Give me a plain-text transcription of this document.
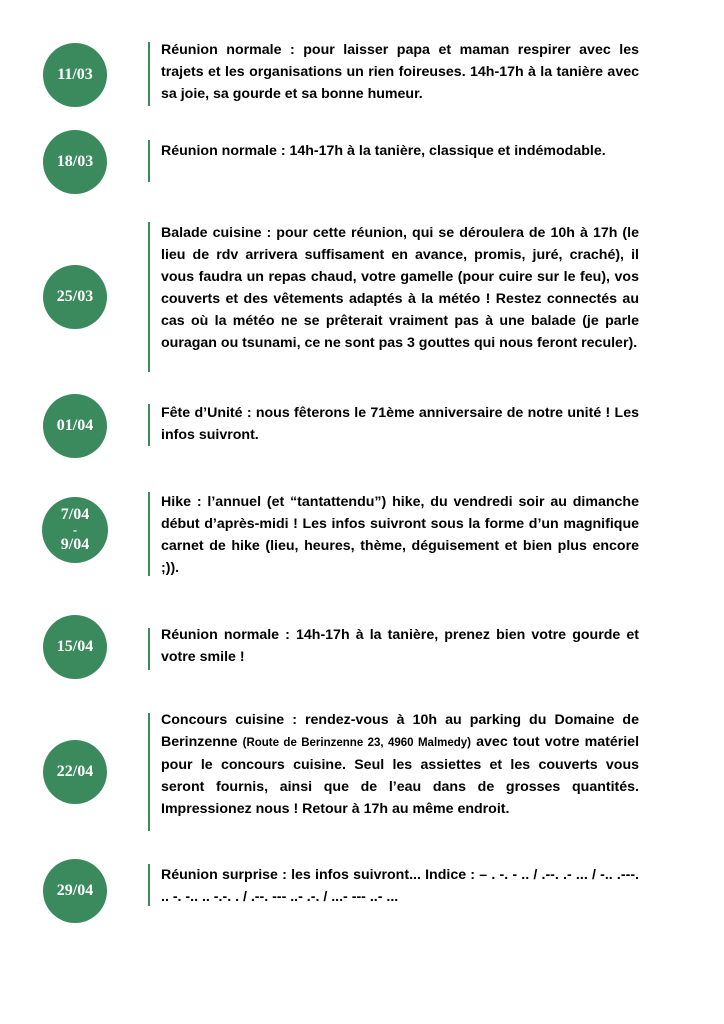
11/03

Réunion normale : pour laisser papa et maman respirer avec les trajets et les organisations un rien foireuses. 14h-17h à la tanière avec sa joie, sa gourde et sa bonne humeur.

18/03

Réunion normale : 14h-17h à la tanière, classique et indémodable.

25/03

Balade cuisine : pour cette réunion, qui se déroulera de 10h à 17h (le lieu de rdv arrivera suffisament en avance, promis, juré, craché), il vous faudra un repas chaud, votre gamelle (pour cuire sur le feu), vos couverts et des vêtements adaptés à la météo ! Restez connectés au cas où la météo ne se prêterait vraiment pas à une balade (je parle ouragan ou tsunami, ce ne sont pas 3 gouttes qui nous feront reculer).

01/04

Fête d’Unité : nous fêterons le 71ème anniversaire de notre unité ! Les infos suivront.

7/04
-
9/04

Hike : l’annuel (et “tantattendu”) hike, du vendredi soir au dimanche début d’après-midi ! Les infos suivront sous la forme d’un magnifique carnet de hike (lieu, heures, thème, déguisement et bien plus encore ;)).

15/04

Réunion normale : 14h-17h à la tanière, prenez bien votre gourde et votre smile !

22/04

Concours cuisine : rendez-vous à 10h au parking du Domaine de Berinzenne (Route de Berinzenne 23, 4960 Malmedy) avec tout votre matériel pour le concours cuisine. Seul les assiettes et les couverts vous seront fournis, ainsi que de l’eau dans de grosses quantités. Impressionez nous ! Retour à 17h au même endroit.

29/04

Réunion surprise : les infos suivront... Indice : – . -. - .. / .--. .- ... / -.. .---. .. -. -.. .. -.-. . / .--. --- ..- .-. / ...- --- ..- ...
